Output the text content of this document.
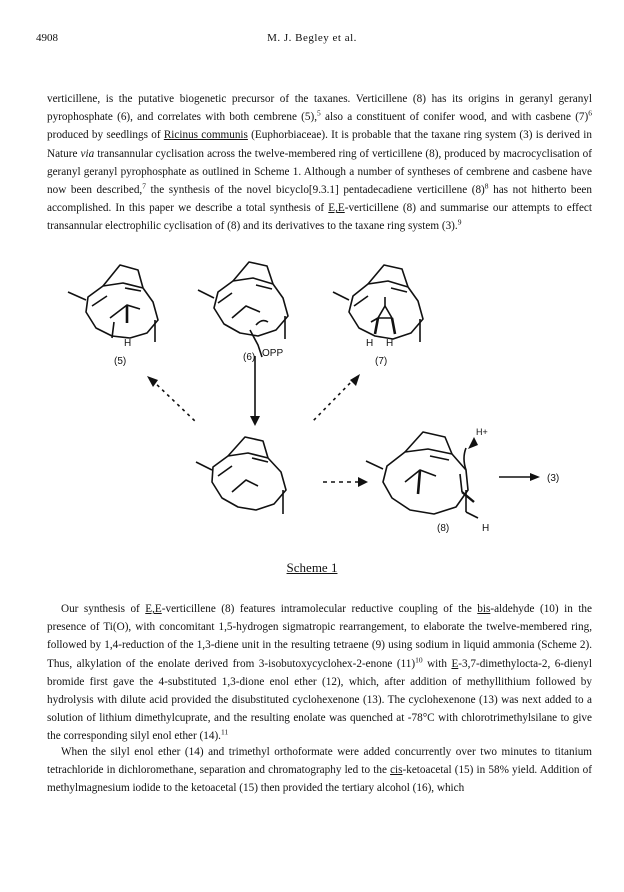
4908	M. J. Begley et al.
verticillene, is the putative biogenetic precursor of the taxanes. Verticillene (8) has its origins in geranyl geranyl pyrophosphate (6), and correlates with both cembrene (5),$^5$ also a constituent of conifer wood, and with casbene $(7)^6$ produced by seedlings of Ricinus communis (Euphorbiaceae). It is probable that the taxane ring system (3) is derived in Nature via transannular cyclisation across the twelve-membered ring of verticillene (8), produced by macrocyclisation of geranyl geranyl pyrophosphate as outlined in Scheme 1. Although a number of syntheses of cembrene and casbene have now been described,$^7$ the synthesis of the novel bicyclo[9.3.1] pentadecadiene verticillene $(8)^8$ has not hitherto been accomplished. In this paper we describe a total synthesis of E,E-verticillene (8) and summarise our attempts to effect transannular electrophilic cyclisation of (8) and its derivatives to the taxane ring system (3).$^9$
H
(5)
OPP
(6)
H H
(7)
H+
H
(8)
(3)
Scheme 1
Our synthesis of E,E-verticillene (8) features intramolecular reductive coupling of the bis-aldehyde (10) in the presence of Ti(O), with concomitant 1,5-hydrogen sigmatropic rearrangement, to elaborate the twelve-membered ring, followed by 1,4-reduction of the 1,3-diene unit in the resulting tetraene (9) using sodium in liquid ammonia (Scheme 2). Thus, alkylation of the enolate derived from 3-isobutoxycyclohex-2-enone $(11)^{10}$ with E-3,7-dimethylocta-2, 6-dienyl bromide first gave the 4-substituted 1,3-dione enol ether (12), which, after addition of methyllithium followed by hydrolysis with dilute acid provided the disubstituted cyclohexenone (13). The cyclohexenone (13) was next added to a solution of lithium dimethylcuprate, and the resulting enolate was quenched at -78°C with chlorotrimethylsilane to give the corresponding silyl enol ether (14).$^{11}$
When the silyl enol ether (14) and trimethyl orthoformate were added concurrently over two minutes to titanium tetrachloride in dichloromethane, separation and chromatography led to the cis-ketoacetal (15) in 58% yield. Addition of methylmagnesium iodide to the ketoacetal (15) then provided the tertiary alcohol (16), which
